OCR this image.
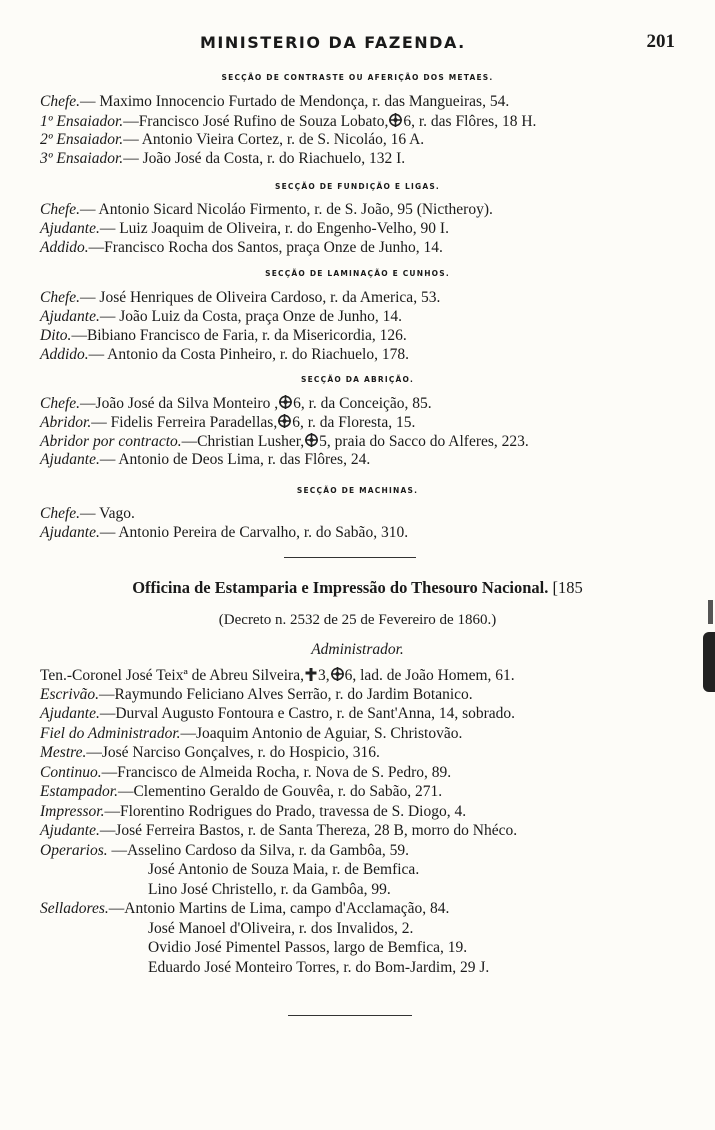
MINISTERIO DA FAZENDA.	201
SECÇÃO DE CONTRASTE OU AFERIÇÃO DOS METAES.
Chefe.— Maximo Innocencio Furtado de Mendonça, r. das Mangueiras, 54.
1º Ensaiador.—Francisco José Rufino de Souza Lobato, 6, r. das Flôres, 18 H.
2º Ensaiador.— Antonio Vieira Cortez, r. de S. Nicoláo, 16 A.
3º Ensaiador.— João José da Costa, r. do Riachuelo, 132 I.
SECÇÃO DE FUNDIÇÃO E LIGAS.
Chefe.— Antonio Sicard Nicoláo Firmento, r. de S. João, 95 (Nictheroy).
Ajudante.— Luiz Joaquim de Oliveira, r. do Engenho-Velho, 90 I.
Addido.—Francisco Rocha dos Santos, praça Onze de Junho, 14.
SECÇÃO DE LAMINAÇÃO E CUNHOS.
Chefe.— José Henriques de Oliveira Cardoso, r. da America, 53.
Ajudante.— João Luiz da Costa, praça Onze de Junho, 14.
Dito.—Bibiano Francisco de Faria, r. da Misericordia, 126.
Addido.— Antonio da Costa Pinheiro, r. do Riachuelo, 178.
SECÇÃO DA ABRIÇÃO.
Chefe.—João José da Silva Monteiro , 6, r. da Conceição, 85.
Abridor.— Fidelis Ferreira Paradellas, 6, r. da Floresta, 15.
Abridor por contracto.—Christian Lusher, 5, praia do Sacco do Alferes, 223.
Ajudante.— Antonio de Deos Lima, r. das Flôres, 24.
SECÇÃO DE MACHINAS.
Chefe.— Vago.
Ajudante.— Antonio Pereira de Carvalho, r. do Sabão, 310.
Officina de Estamparia e Impressão do Thesouro Nacional. [185
(Decreto n. 2532 de 25 de Fevereiro de 1860.)
Administrador.
Ten.-Coronel José Teixª de Abreu Silveira, 3, 6, lad. de João Homem, 61.
Escrivão.—Raymundo Feliciano Alves Serrão, r. do Jardim Botanico.
Ajudante.—Durval Augusto Fontoura e Castro, r. de Sant'Anna, 14, sobrado.
Fiel do Administrador.—Joaquim Antonio de Aguiar, S. Christovão.
Mestre.—José Narciso Gonçalves, r. do Hospicio, 316.
Continuo.—Francisco de Almeida Rocha, r. Nova de S. Pedro, 89.
Estampador.—Clementino Geraldo de Gouvêa, r. do Sabão, 271.
Impressor.—Florentino Rodrigues do Prado, travessa de S. Diogo, 4.
Ajudante.—José Ferreira Bastos, r. de Santa Thereza, 28 B, morro do Nhéco.
Operarios. —Asselino Cardoso da Silva, r. da Gambôa, 59.
José Antonio de Souza Maia, r. de Bemfica.
Lino José Christello, r. da Gambôa, 99.
Selladores.—Antonio Martins de Lima, campo d'Acclamação, 84.
José Manoel d'Oliveira, r. dos Invalidos, 2.
Ovidio José Pimentel Passos, largo de Bemfica, 19.
Eduardo José Monteiro Torres, r. do Bom-Jardim, 29 J.
